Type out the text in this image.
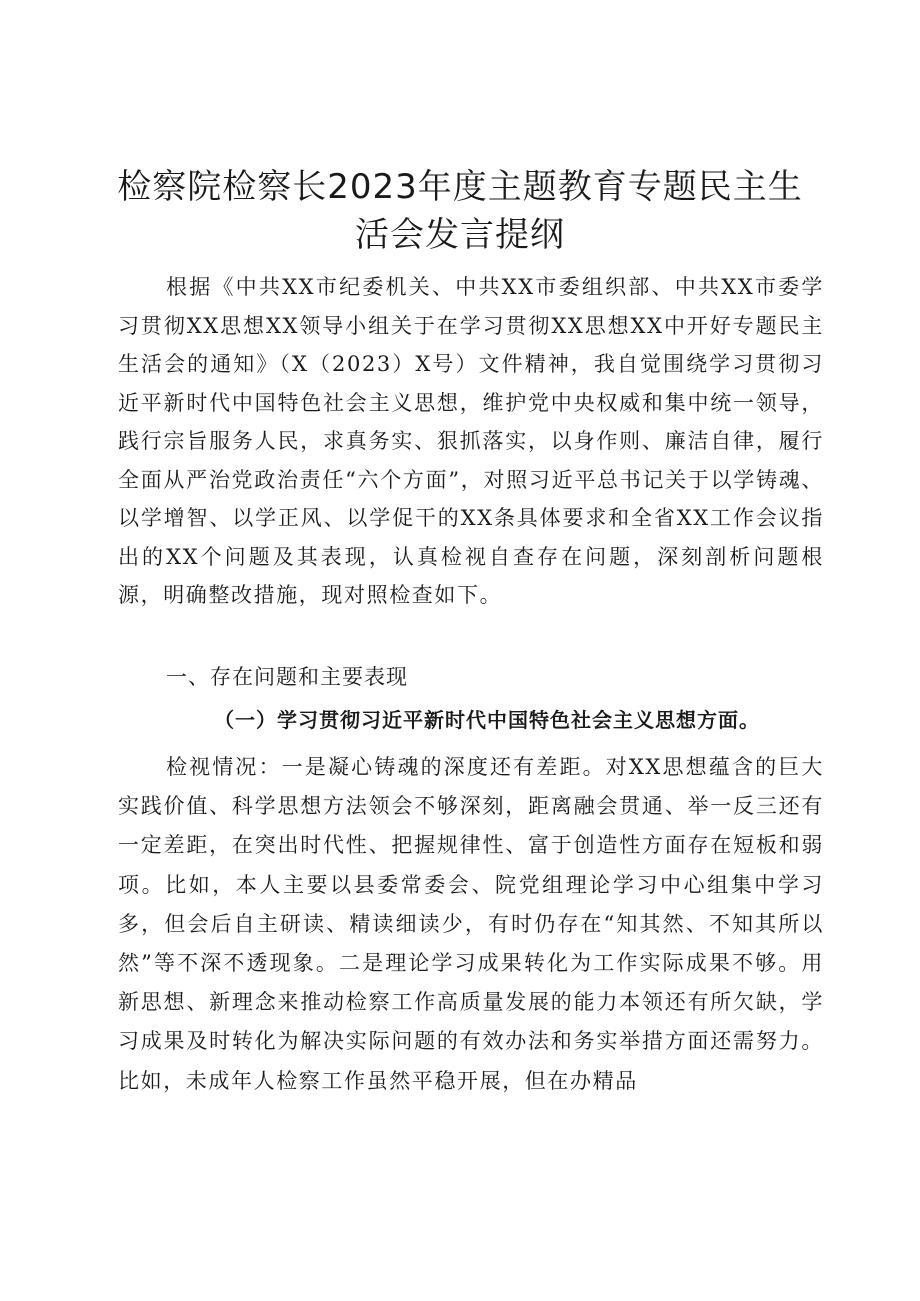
检察院检察长2023年度主题教育专题民主生
活会发言提纲

根据《中共XX市纪委机关、中共XX市委组织部、中共XX市委学习贯彻XX思想XX领导小组关于在学习贯彻XX思想XX中开好专题民主生活会的通知》（X（2023）X号）文件精神，我自觉围绕学习贯彻习近平新时代中国特色社会主义思想，维护党中央权威和集中统一领导，践行宗旨服务人民，求真务实、狠抓落实，以身作则、廉洁自律，履行全面从严治党政治责任“六个方面”，对照习近平总书记关于以学铸魂、以学增智、以学正风、以学促干的XX条具体要求和全省XX工作会议指出的XX个问题及其表现，认真检视自查存在问题，深刻剖析问题根源，明确整改措施，现对照检查如下。

一、存在问题和主要表现
（一）学习贯彻习近平新时代中国特色社会主义思想方面。

检视情况：一是凝心铸魂的深度还有差距。对XX思想蕴含的巨大实践价值、科学思想方法领会不够深刻，距离融会贯通、举一反三还有一定差距，在突出时代性、把握规律性、富于创造性方面存在短板和弱项。比如，本人主要以县委常委会、院党组理论学习中心组集中学习多，但会后自主研读、精读细读少，有时仍存在“知其然、不知其所以然”等不深不透现象。二是理论学习成果转化为工作实际成果不够。用新思想、新理念来推动检察工作高质量发展的能力本领还有所欠缺，学习成果及时转化为解决实际问题的有效办法和务实举措方面还需努力。比如，未成年人检察工作虽然平稳开展，但在办精品
